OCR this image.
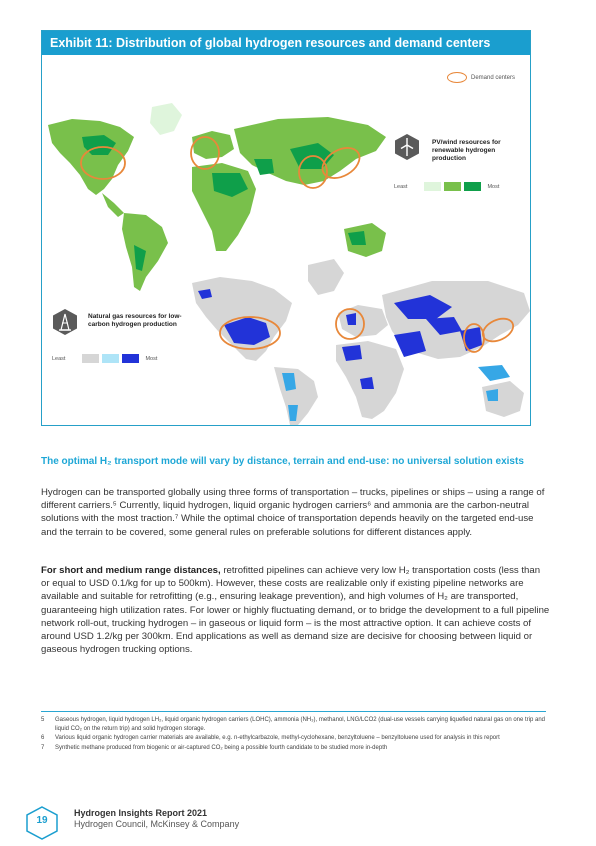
Exhibit 11: Distribution of global hydrogen resources and demand centers
Demand centers
PV/wind resources for renewable hydrogen production
Least	Most
Natural gas resources for low-carbon hydrogen production
Least	Most
The optimal H₂ transport mode will vary by distance, terrain and end-use: no universal solution exists
Hydrogen can be transported globally using three forms of transportation – trucks, pipelines or ships – using a range of different carriers.⁵ Currently, liquid hydrogen, liquid organic hydrogen carriers⁶ and ammonia are the carbon-neutral solutions with the most traction.⁷ While the optimal choice of transportation depends heavily on the targeted end-use and the terrain to be covered, some general rules on preferable solutions for different distances apply.
For short and medium range distances, retrofitted pipelines can achieve very low H₂ transportation costs (less than or equal to USD 0.1/kg for up to 500km). However, these costs are realizable only if existing pipeline networks are available and suitable for retrofitting (e.g., ensuring leakage prevention), and high volumes of H₂ are transported, guaranteeing high utilization rates. For lower or highly fluctuating demand, or to bridge the development to a full pipeline network roll-out, trucking hydrogen – in gaseous or liquid form – is the most attractive option. It can achieve costs of around USD 1.2/kg per 300km. End applications as well as demand size are decisive for choosing between liquid or gaseous hydrogen trucking options.
5	Gaseous hydrogen, liquid hydrogen LH₂, liquid organic hydrogen carriers (LOHC), ammonia (NH₃), methanol, LNG/LCO2 (dual-use vessels carrying liquefied natural gas on one trip and liquid CO₂ on the return trip) and solid hydrogen storage.
6	Various liquid organic hydrogen carrier materials are available, e.g. n-ethylcarbazole, methyl-cyclohexane, benzyltoluene – benzyltoluene used for analysis in this report
7	Synthetic methane produced from biogenic or air-captured CO₂ being a possible fourth candidate to be studied more in-depth
19
Hydrogen Insights Report 2021
Hydrogen Council, McKinsey & Company
